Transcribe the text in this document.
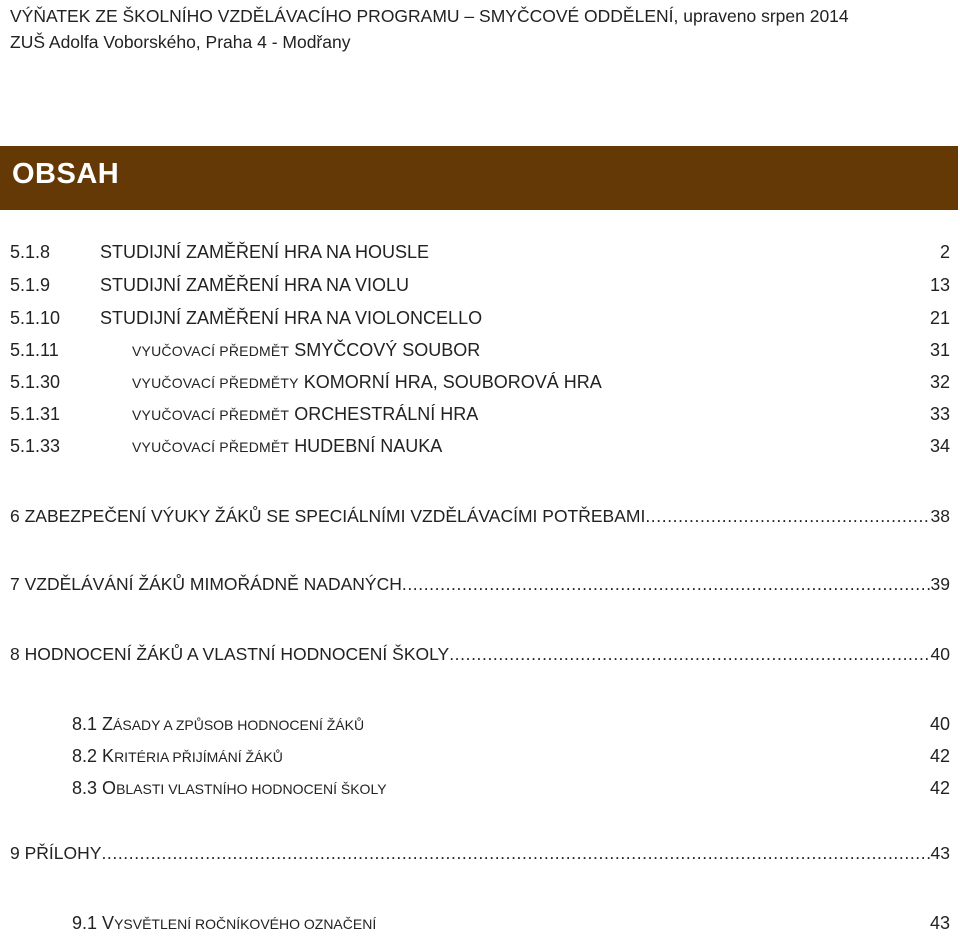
VÝŇATEK ZE ŠKOLNÍHO VZDĚLÁVACÍHO PROGRAMU – SMYČCOVÉ ODDĚLENÍ, upraveno srpen 2014
ZUŠ Adolfa Voborského, Praha 4 - Modřany
OBSAH
5.1.8	STUDIJNÍ ZAMĚŘENÍ HRA NA HOUSLE	2
5.1.9	STUDIJNÍ ZAMĚŘENÍ HRA NA VIOLU	13
5.1.10 STUDIJNÍ ZAMĚŘENÍ HRA NA VIOLONCELLO	21
5.1.11	VYUČOVACÍ PŘEDMĚT SMYČCOVÝ SOUBOR	31
5.1.30	VYUČOVACÍ PŘEDMĚTY KOMORNÍ HRA, SOUBOROVÁ HRA	32
5.1.31	VYUČOVACÍ PŘEDMĚT ORCHESTRÁLNÍ HRA	33
5.1.33	VYUČOVACÍ PŘEDMĚT HUDEBNÍ NAUKA	34
6 ZABEZPEČENÍ VÝUKY ŽÁKŮ SE SPECIÁLNÍMI VZDĚLÁVACÍMI POTŘEBAMI .....	38
7 VZDĚLÁVÁNÍ ŽÁKŮ MIMOŘÁDNĚ NADANÝCH .....	39
8 HODNOCENÍ ŽÁKŮ A VLASTNÍ HODNOCENÍ ŠKOLY .....	40
8.1 ZÁSADY A ZPŮSOB HODNOCENÍ ŽÁKŮ	40
8.2 KRITÉRIA PŘIJÍMÁNÍ ŽÁKŮ	42
8.3 OBLASTI VLASTNÍHO HODNOCENÍ ŠKOLY	42
9 PŘÍLOHY .....	43
9.1 VYSVĚTLENÍ ROČNÍKOVÉHO OZNAČENÍ	43
